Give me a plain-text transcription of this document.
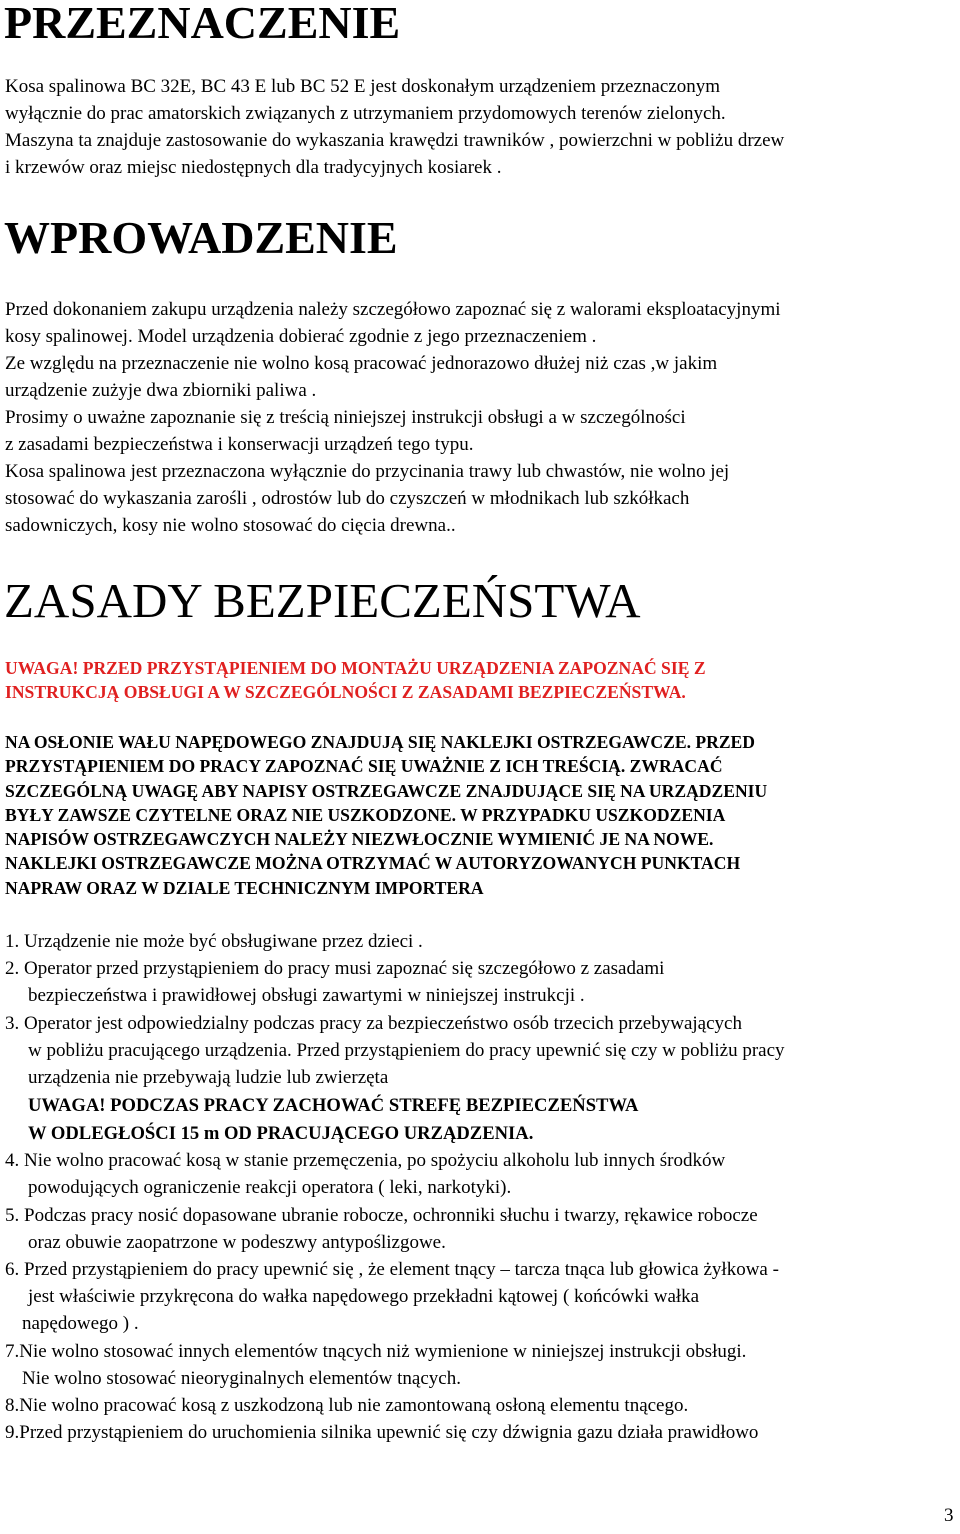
PRZEZNACZENIE
Kosa spalinowa BC 32E, BC 43 E lub BC 52 E jest doskonałym urządzeniem przeznaczonym
wyłącznie do prac amatorskich związanych z utrzymaniem przydomowych terenów zielonych.
Maszyna ta znajduje zastosowanie do wykaszania krawędzi trawników , powierzchni w pobliżu drzew
i krzewów oraz miejsc niedostępnych dla tradycyjnych kosiarek .
WPROWADZENIE
Przed dokonaniem zakupu urządzenia należy szczegółowo zapoznać się z walorami eksploatacyjnymi
kosy spalinowej. Model urządzenia dobierać zgodnie z jego przeznaczeniem .
Ze względu na przeznaczenie nie wolno kosą pracować jednorazowo dłużej niż czas ,w jakim
urządzenie zużyje dwa zbiorniki paliwa .
Prosimy o uważne zapoznanie się z treścią niniejszej instrukcji obsługi a w szczególności
z zasadami bezpieczeństwa i konserwacji urządzeń tego typu.
Kosa spalinowa jest przeznaczona wyłącznie do przycinania trawy lub chwastów, nie wolno jej
stosować do wykaszania zarośli , odrostów lub do czyszczeń w młodnikach lub szkółkach
sadowniczych, kosy nie wolno stosować do cięcia drewna..
ZASADY BEZPIECZEŃSTWA
UWAGA! PRZED PRZYSTĄPIENIEM DO MONTAŻU URZĄDZENIA ZAPOZNAĆ SIĘ Z
INSTRUKCJĄ OBSŁUGI A W SZCZEGÓLNOŚCI Z ZASADAMI BEZPIECZEŃSTWA.
NA OSŁONIE WAŁU NAPĘDOWEGO ZNAJDUJĄ SIĘ NAKLEJKI OSTRZEGAWCZE. PRZED
PRZYSTĄPIENIEM DO PRACY ZAPOZNAĆ SIĘ UWAŻNIE Z ICH TREŚCIĄ. ZWRACAĆ
SZCZEGÓLNĄ UWAGĘ ABY NAPISY OSTRZEGAWCZE ZNAJDUJĄCE SIĘ NA URZĄDZENIU
BYŁY ZAWSZE CZYTELNE ORAZ NIE USZKODZONE. W PRZYPADKU USZKODZENIA
NAPISÓW OSTRZEGAWCZYCH NALEŻY NIEZWŁOCZNIE WYMIENIĆ JE NA NOWE.
NAKLEJKI OSTRZEGAWCZE MOŻNA OTRZYMAĆ W AUTORYZOWANYCH PUNKTACH
NAPRAW ORAZ W DZIALE TECHNICZNYM IMPORTERA
1. Urządzenie nie może być obsługiwane przez dzieci .
2. Operator przed przystąpieniem do pracy musi zapoznać się szczegółowo z zasadami
bezpieczeństwa i prawidłowej obsługi zawartymi w niniejszej instrukcji .
3. Operator jest odpowiedzialny podczas pracy za bezpieczeństwo osób trzecich przebywających
w pobliżu pracującego urządzenia. Przed przystąpieniem do pracy upewnić się czy w pobliżu pracy
urządzenia nie przebywają ludzie lub zwierzęta
UWAGA! PODCZAS PRACY ZACHOWAĆ STREFĘ BEZPIECZEŃSTWA
W ODLEGŁOŚCI 15 m OD PRACUJĄCEGO URZĄDZENIA.
4. Nie wolno pracować kosą w stanie przemęczenia, po spożyciu alkoholu lub innych środków
powodujących ograniczenie reakcji operatora ( leki, narkotyki).
5. Podczas pracy nosić dopasowane ubranie robocze, ochronniki słuchu i twarzy, rękawice robocze
oraz obuwie zaopatrzone w podeszwy antypoślizgowe.
6. Przed przystąpieniem do pracy upewnić się , że element tnący – tarcza tnąca lub głowica żyłkowa -
jest właściwie przykręcona do wałka napędowego przekładni kątowej ( końcówki wałka
napędowego ) .
7.Nie wolno stosować innych elementów tnących niż wymienione w niniejszej instrukcji obsługi.
Nie wolno stosować nieoryginalnych elementów tnących.
8.Nie wolno pracować kosą z uszkodzoną lub nie zamontowaną osłoną elementu tnącego.
9.Przed przystąpieniem do uruchomienia silnika upewnić się czy dźwignia gazu działa prawidłowo
3
